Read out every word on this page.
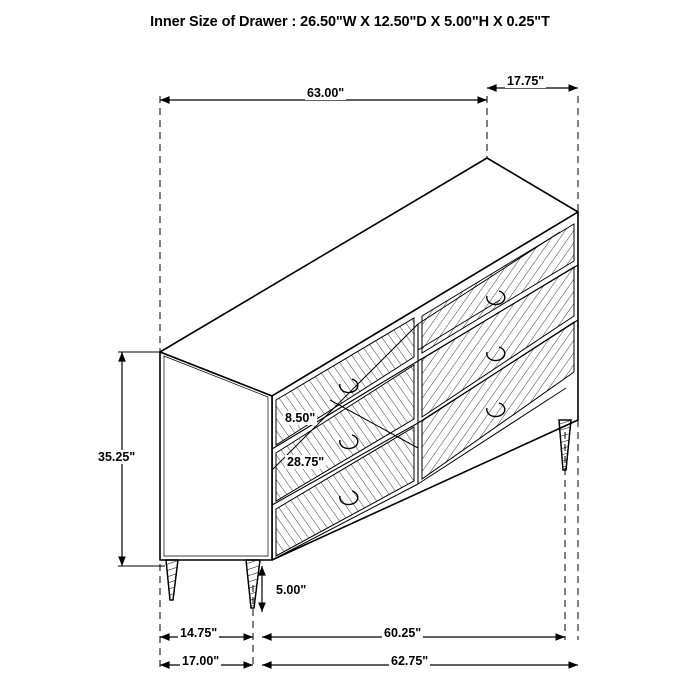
Inner Size of Drawer : 26.50"W X 12.50"D X 5.00"H X 0.25"T
63.00"
17.75"
35.25"
8.50"
28.75"
5.00"
14.75"	60.25"
17.00"	62.75"
